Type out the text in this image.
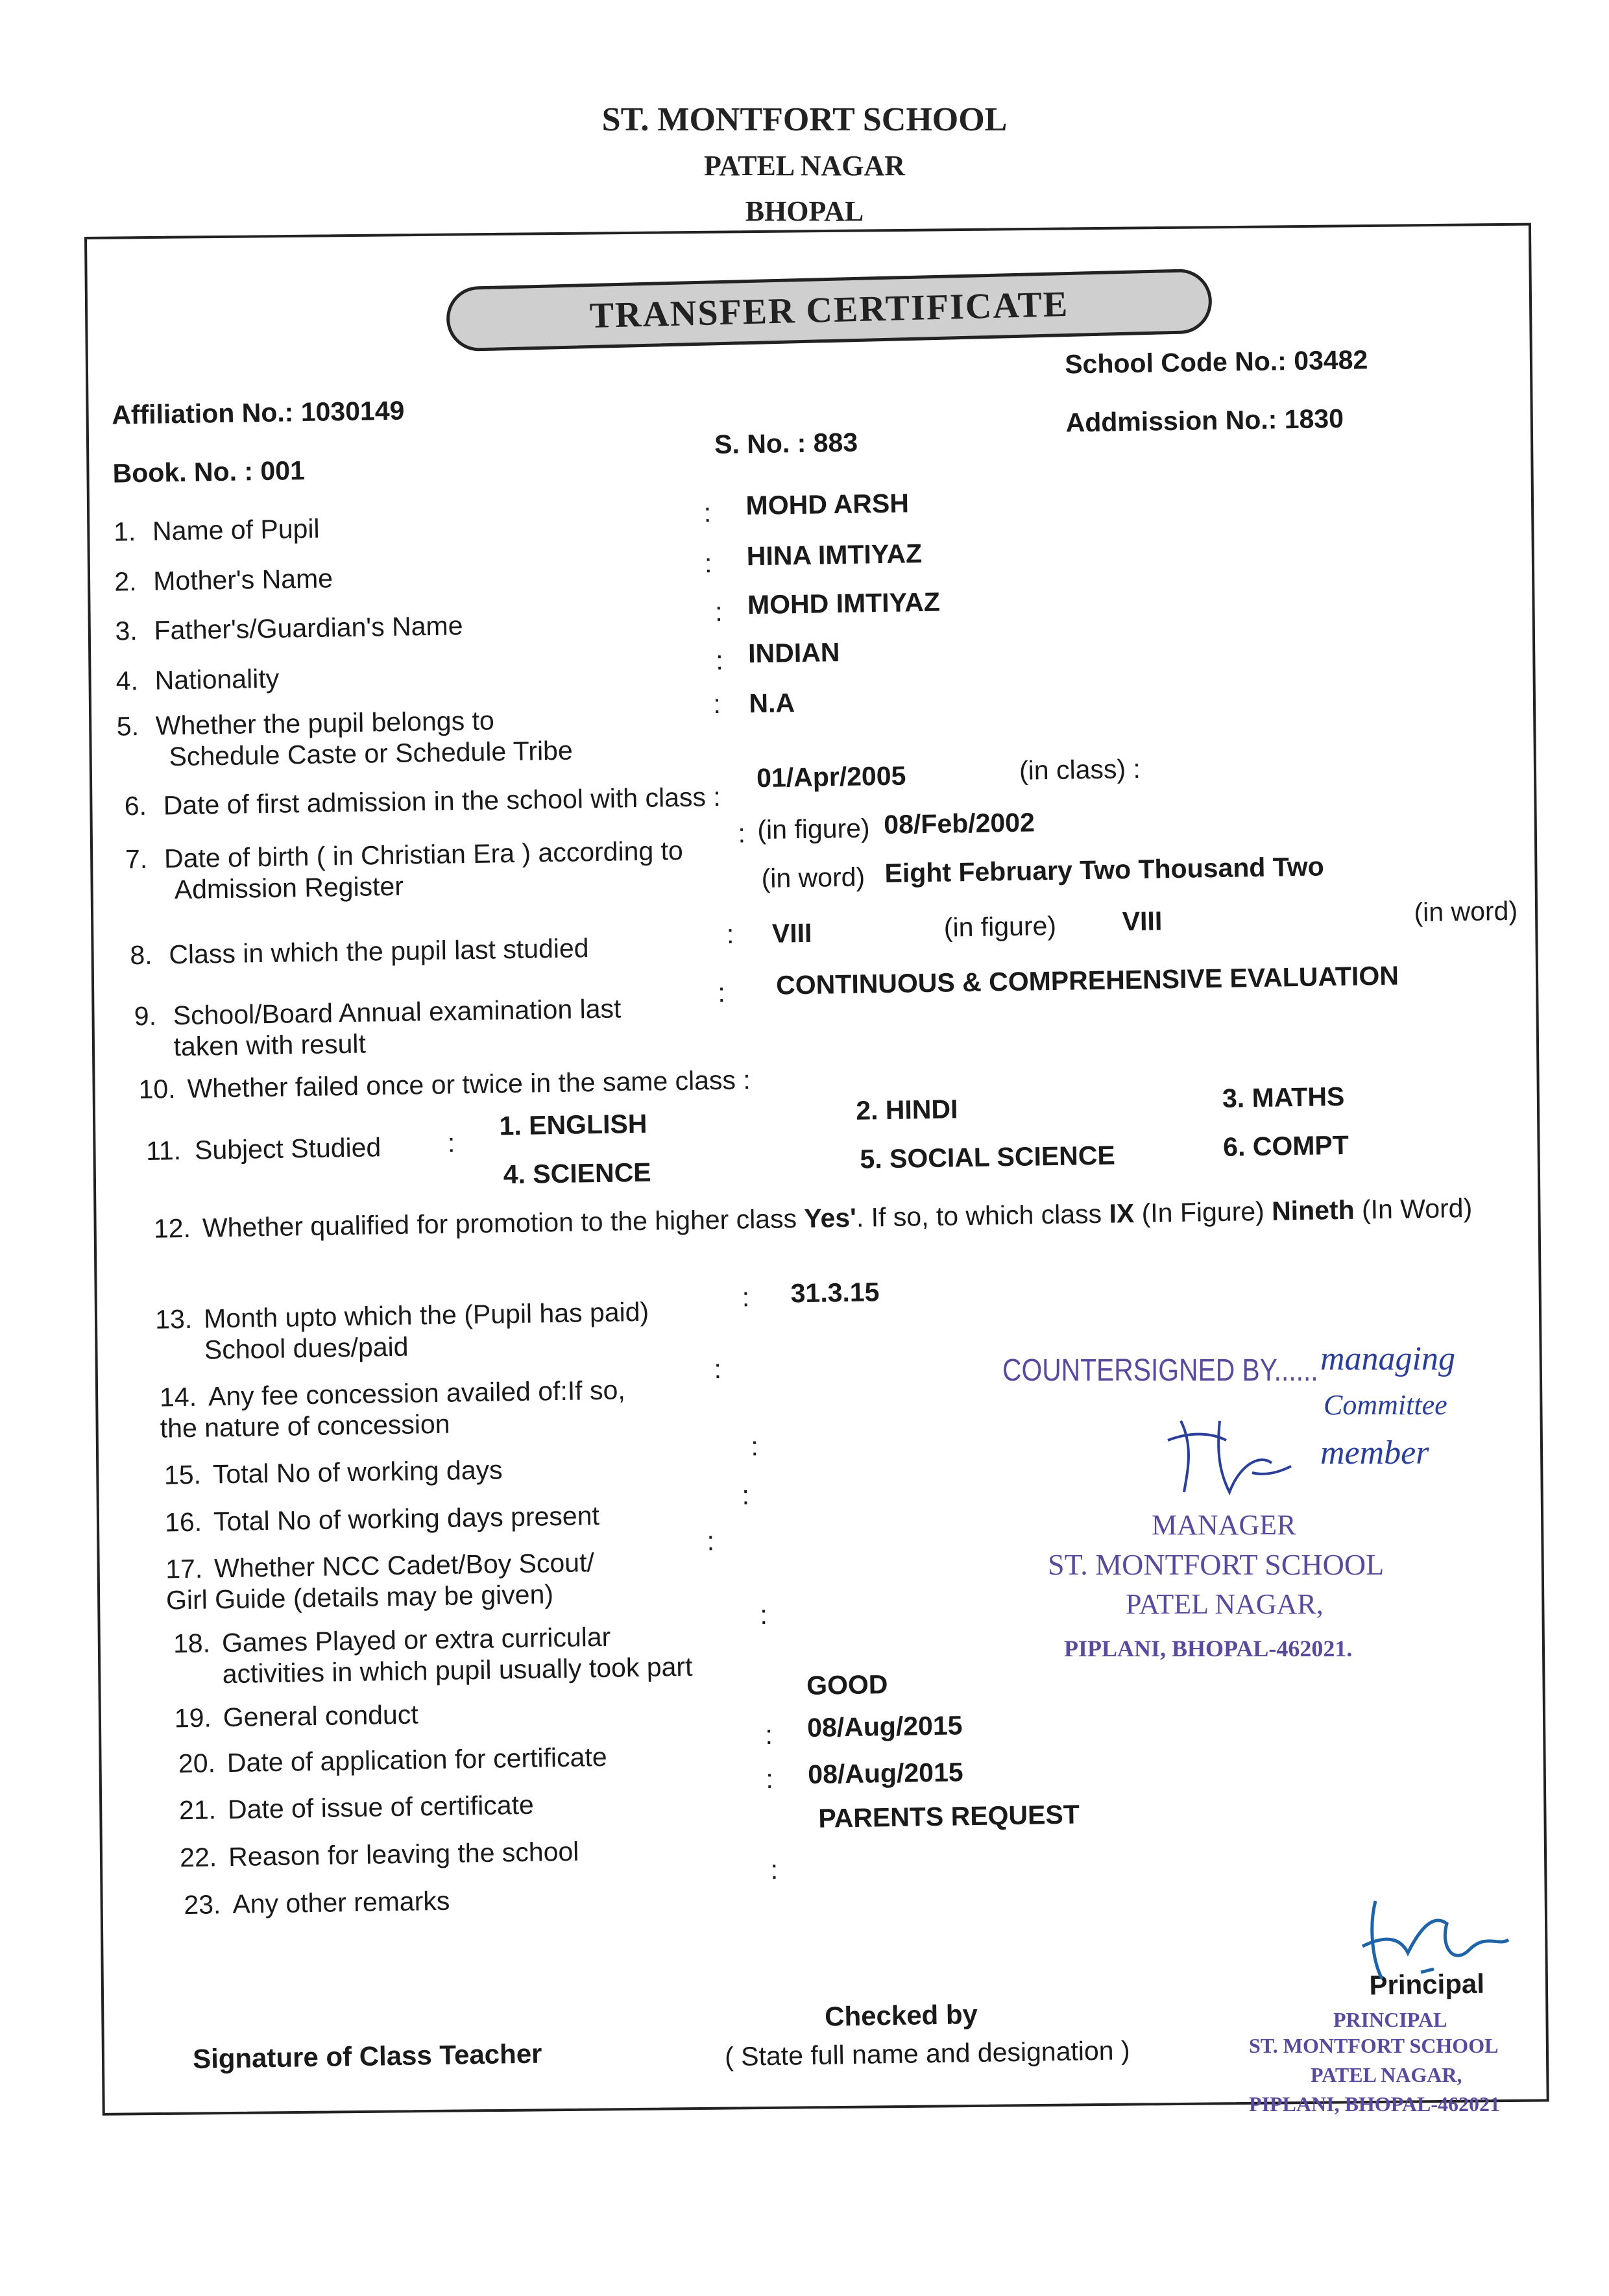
ST. MONTFORT SCHOOL
PATEL NAGAR
BHOPAL
TRANSFER CERTIFICATE
Affiliation No.: 1030149
School Code No.: 03482
Book. No. : 001
S. No. : 883
Addmission No.: 1830
1. Name of Pupil
: MOHD ARSH
2. Mother's Name
: HINA IMTIYAZ
3. Father's/Guardian's Name	: MOHD IMTIYAZ
4. Nationality
: INDIAN
5. Whether the pupil belongs to
Schedule Caste or Schedule Tribe
: N.A
6. Date of first admission in the school with class :
01/Apr/2005	(in class) :
7. Date of birth ( in Christian Era ) according to
Admission Register
: (in figure) 08/Feb/2002
(in word) Eight February Two Thousand Two
8. Class in which the pupil last studied	: VIII	(in figure) VIII	(in word)
9. School/Board Annual examination last
taken with result
: CONTINUOUS & COMPREHENSIVE EVALUATION
10. Whether failed once or twice in the same class :
11. Subject Studied :
1. ENGLISH	2. HINDI	3. MATHS
4. SCIENCE	5. SOCIAL SCIENCE	6. COMPT
12. Whether qualified for promotion to the higher class Yes'. If so, to which class IX (In Figure) Nineth (In Word)
13. Month upto which the (Pupil has paid)
School dues/paid
: 31.3.15
14. Any fee concession availed of:If so,
the nature of concession
:
15. Total No of working days
:
16. Total No of working days present
:
17. Whether NCC Cadet/Boy Scout/
Girl Guide (details may be given)
:
18. Games Played or extra curricular
activities in which pupil usually took part
:
19. General conduct
GOOD
20. Date of application for certificate
: 08/Aug/2015
21. Date of issue of certificate
: 08/Aug/2015
22. Reason for leaving the school
PARENTS REQUEST
23. Any other remarks
:
Signature of Class Teacher
Checked by
( State full name and designation )
Principal
COUNTERSIGNED BY...... managing
Committee
member
MANAGER
ST. MONTFORT SCHOOL
PATEL NAGAR,
PIPLANI, BHOPAL-462021.
PRINCIPAL
ST. MONTFORT SCHOOL
PATEL NAGAR,
PIPLANI, BHOPAL-462021
